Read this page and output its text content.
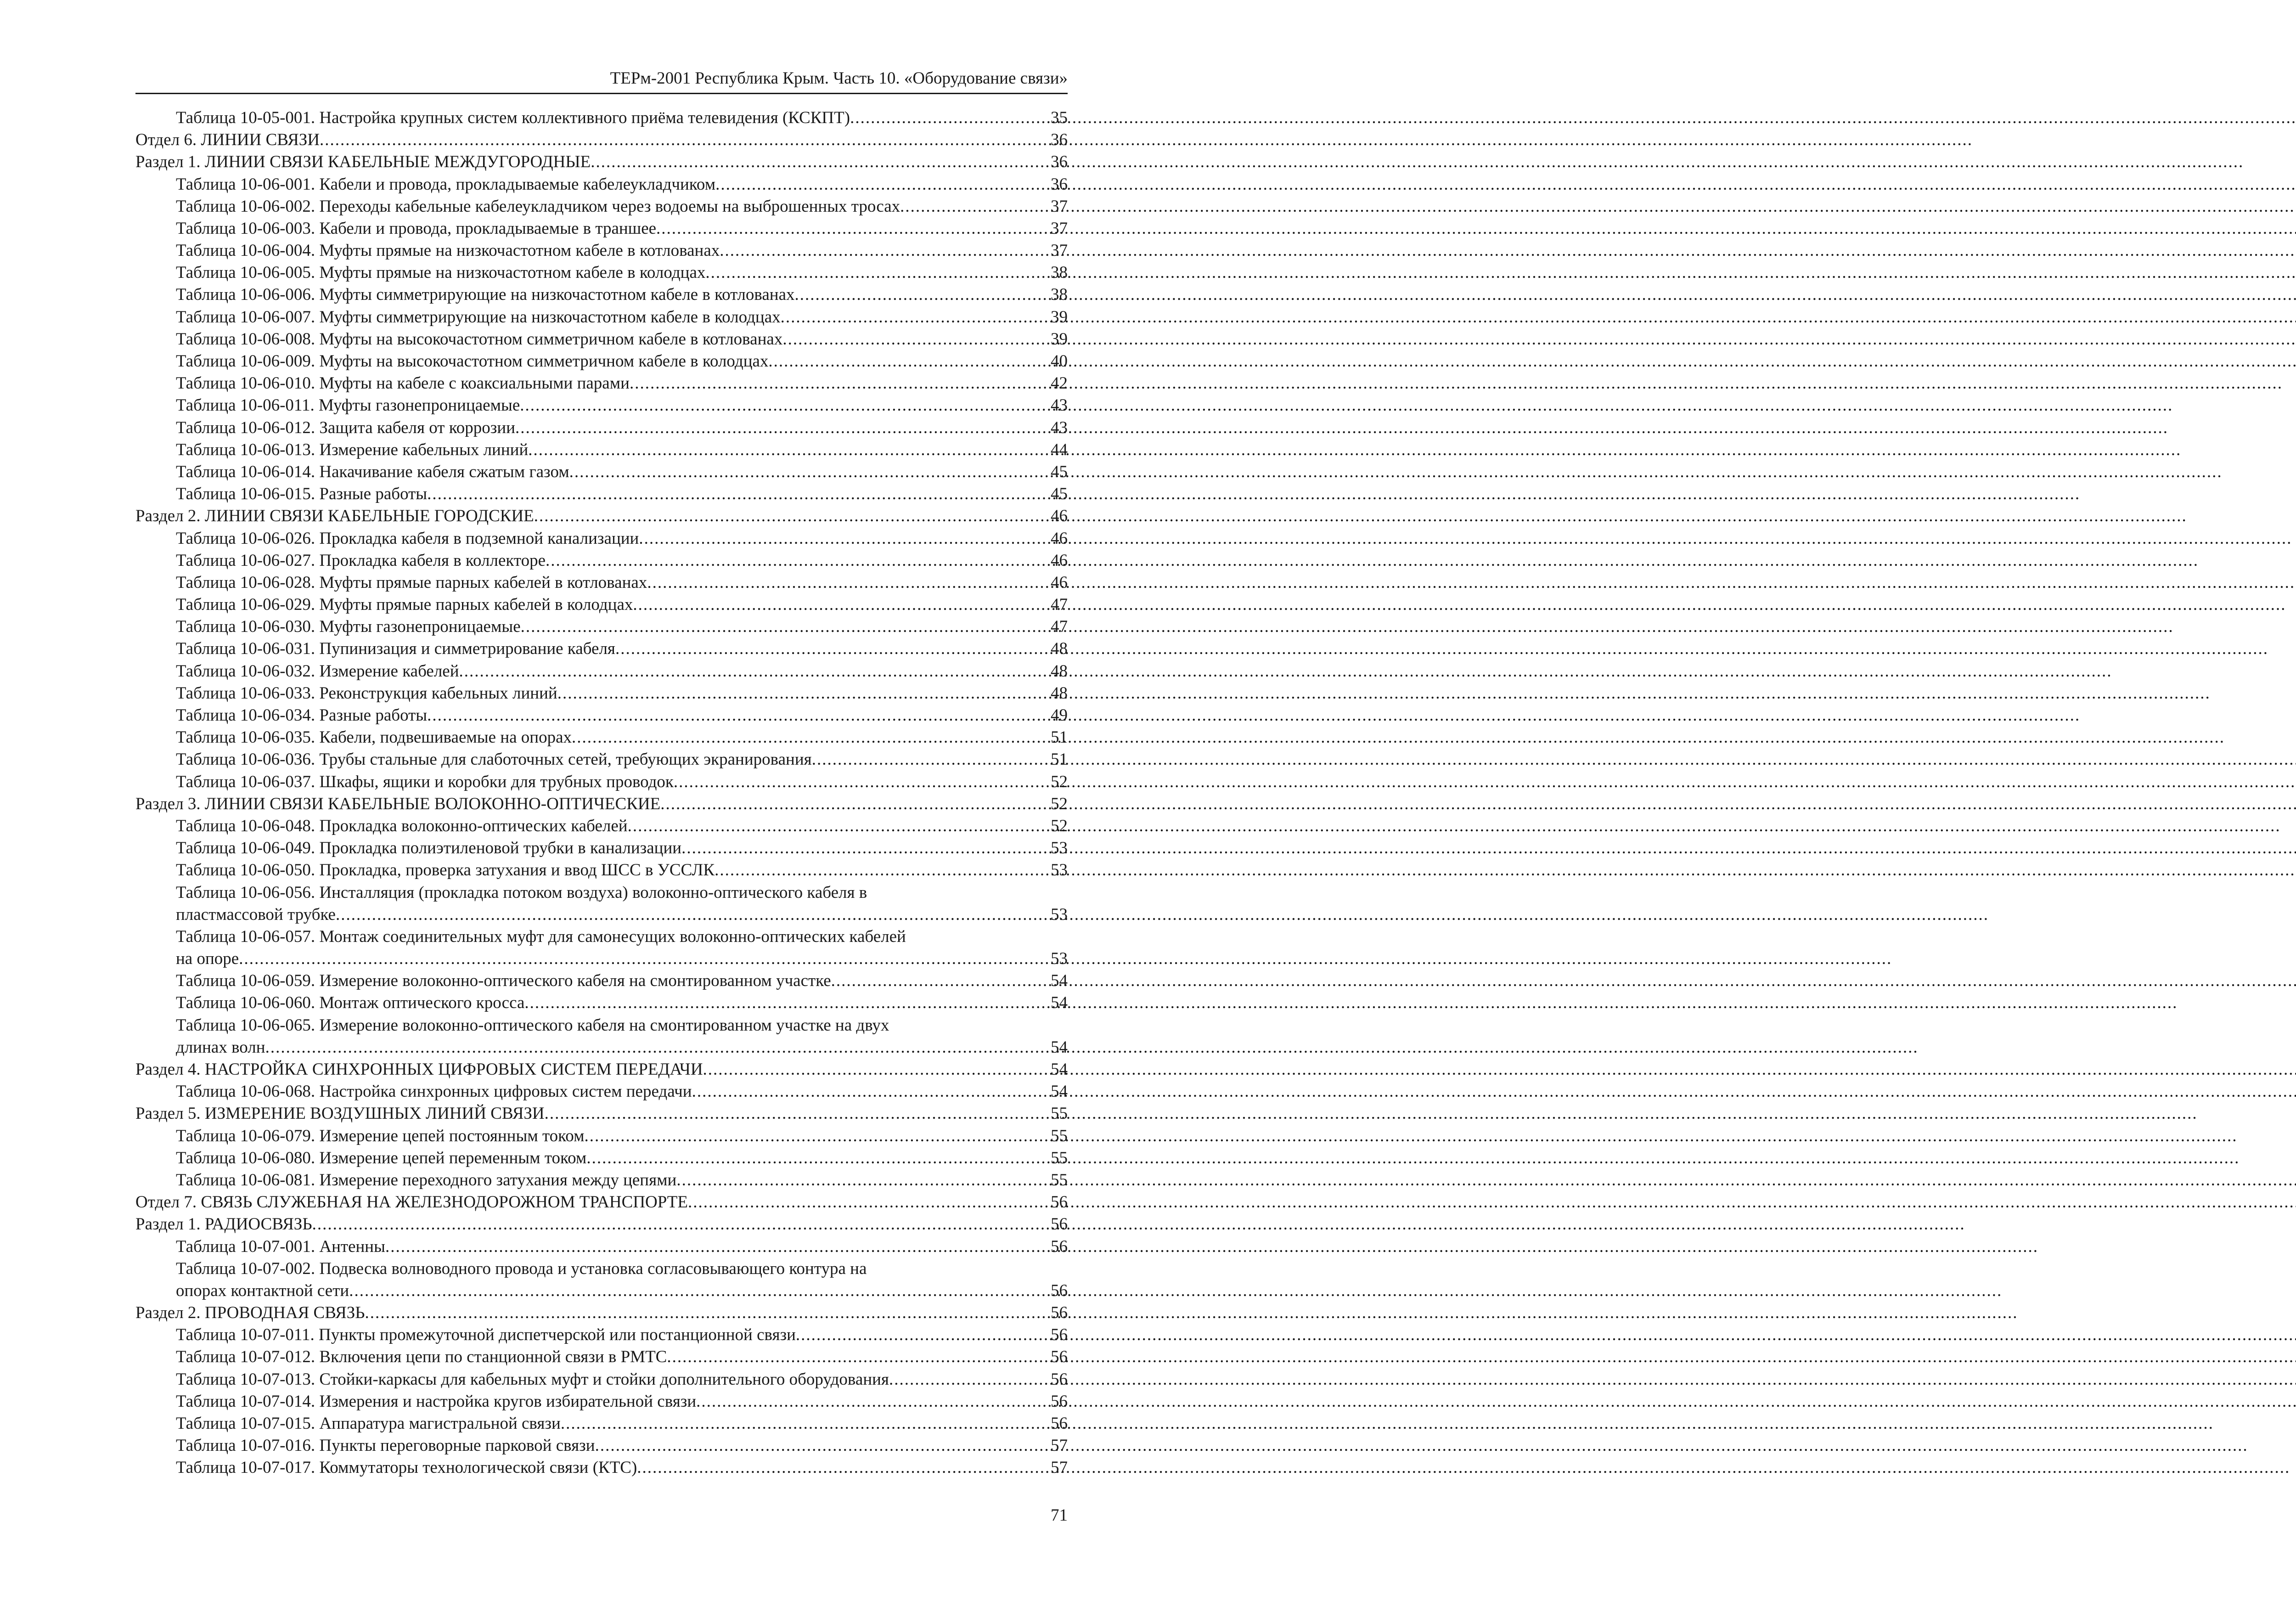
ТЕРм-2001 Республика Крым. Часть 10. «Оборудование связи»
Таблица 10-05-001. Настройка крупных систем коллективного приёма телевидения (КСКПТ) .....	35
Отдел 6. ЛИНИИ СВЯЗИ .....	36
Раздел 1. ЛИНИИ СВЯЗИ КАБЕЛЬНЫЕ МЕЖДУГОРОДНЫЕ .....	36
Таблица 10-06-001. Кабели и провода, прокладываемые кабелеукладчиком .....	36
Таблица 10-06-002. Переходы кабельные кабелеукладчиком через водоемы на выброшенных тросах .....	37
Таблица 10-06-003. Кабели и провода, прокладываемые в траншее .....	37
Таблица 10-06-004. Муфты прямые на низкочастотном кабеле в котлованах .....	37
Таблица 10-06-005. Муфты прямые на низкочастотном кабеле в колодцах .....	38
Таблица 10-06-006. Муфты симметрирующие на низкочастотном кабеле в котлованах .....	38
Таблица 10-06-007. Муфты симметрирующие на низкочастотном кабеле в колодцах .....	39
Таблица 10-06-008. Муфты на высокочастотном симметричном кабеле в котлованах .....	39
Таблица 10-06-009. Муфты на высокочастотном симметричном кабеле в колодцах .....	40
Таблица 10-06-010. Муфты на кабеле с коаксиальными парами .....	42
Таблица 10-06-011. Муфты газонепроницаемые .....	43
Таблица 10-06-012. Защита кабеля от коррозии .....	43
Таблица 10-06-013. Измерение кабельных линий .....	44
Таблица 10-06-014. Накачивание кабеля сжатым газом .....	45
Таблица 10-06-015. Разные работы .....	45
Раздел 2. ЛИНИИ СВЯЗИ КАБЕЛЬНЫЕ ГОРОДСКИЕ .....	46
Таблица 10-06-026. Прокладка кабеля в подземной канализации .....	46
Таблица 10-06-027. Прокладка кабеля в коллекторе .....	46
Таблица 10-06-028. Муфты прямые парных кабелей в котлованах .....	46
Таблица 10-06-029. Муфты прямые парных кабелей в колодцах .....	47
Таблица 10-06-030. Муфты газонепроницаемые .....	47
Таблица 10-06-031. Пупинизация и симметрирование кабеля .....	48
Таблица 10-06-032. Измерение кабелей .....	48
Таблица 10-06-033. Реконструкция кабельных линий .....	48
Таблица 10-06-034. Разные работы .....	49
Таблица 10-06-035. Кабели, подвешиваемые на опорах .....	51
Таблица 10-06-036. Трубы стальные для слаботочных сетей, требующих экранирования .....	51
Таблица 10-06-037. Шкафы, ящики и коробки для трубных проводок .....	52
Раздел 3. ЛИНИИ СВЯЗИ КАБЕЛЬНЫЕ ВОЛОКОННО-ОПТИЧЕСКИЕ .....	52
Таблица 10-06-048. Прокладка волоконно-оптических кабелей .....	52
Таблица 10-06-049. Прокладка полиэтиленовой трубки в канализации .....	53
Таблица 10-06-050. Прокладка, проверка затухания и ввод ШСС в УССЛК .....	53
Таблица 10-06-056. Инсталляция (прокладка потоком воздуха) волоконно-оптического кабеля в
пластмассовой трубке .....	53
Таблица 10-06-057. Монтаж соединительных муфт для самонесущих волоконно-оптических кабелей
на опоре .....	53
Таблица 10-06-059. Измерение волоконно-оптического кабеля на смонтированном участке .....	54
Таблица 10-06-060. Монтаж оптического кросса .....	54
Таблица 10-06-065. Измерение волоконно-оптического кабеля на смонтированном участке на двух
длинах волн .....	54
Раздел 4. НАСТРОЙКА СИНХРОННЫХ ЦИФРОВЫХ СИСТЕМ ПЕРЕДАЧИ .....	54
Таблица 10-06-068. Настройка синхронных цифровых систем передачи .....	54
Раздел 5. ИЗМЕРЕНИЕ ВОЗДУШНЫХ ЛИНИЙ СВЯЗИ .....	55
Таблица 10-06-079. Измерение цепей постоянным током .....	55
Таблица 10-06-080. Измерение цепей переменным током .....	55
Таблица 10-06-081. Измерение переходного затухания между цепями .....	55
Отдел 7. СВЯЗЬ СЛУЖЕБНАЯ НА ЖЕЛЕЗНОДОРОЖНОМ ТРАНСПОРТЕ .....	56
Раздел 1. РАДИОСВЯЗЬ .....	56
Таблица 10-07-001. Антенны .....	56
Таблица 10-07-002. Подвеска волноводного провода и установка согласовывающего контура на
опорах контактной сети .....	56
Раздел 2. ПРОВОДНАЯ СВЯЗЬ .....	56
Таблица 10-07-011. Пункты промежуточной диспетчерской или постанционной связи .....	56
Таблица 10-07-012. Включения цепи по станционной связи в РМТС .....	56
Таблица 10-07-013. Стойки-каркасы для кабельных муфт и стойки дополнительного оборудования .....	56
Таблица 10-07-014. Измерения и настройка кругов избирательной связи .....	56
Таблица 10-07-015. Аппаратура магистральной связи .....	56
Таблица 10-07-016. Пункты переговорные парковой связи .....	57
Таблица 10-07-017. Коммутаторы технологической связи (КТС) .....	57
71
